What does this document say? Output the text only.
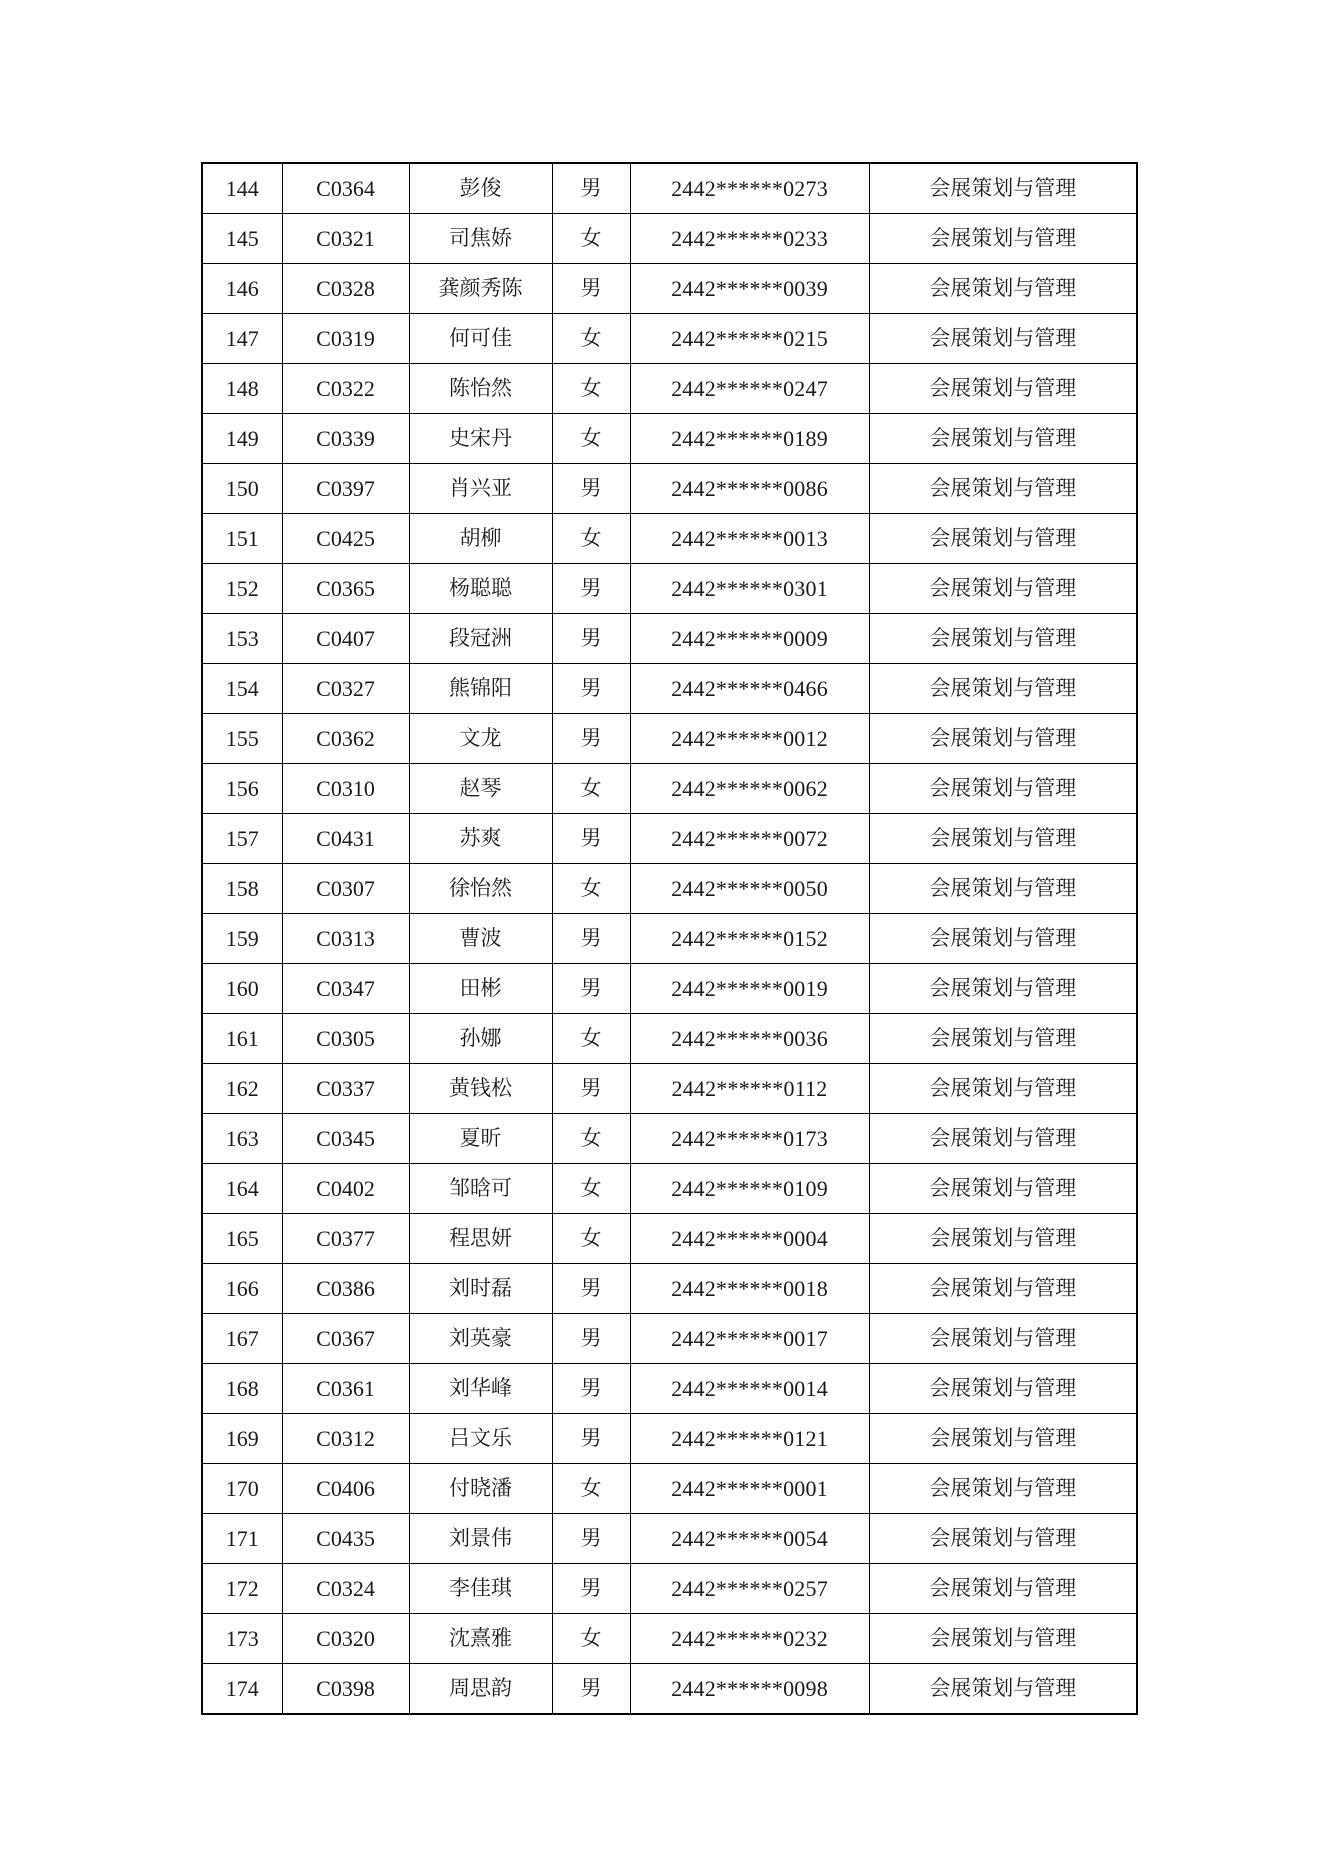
144	C0364	彭俊	男	2442******0273	会展策划与管理
145	C0321	司焦娇	女	2442******0233	会展策划与管理
146	C0328	龚颜秀陈	男	2442******0039	会展策划与管理
147	C0319	何可佳	女	2442******0215	会展策划与管理
148	C0322	陈怡然	女	2442******0247	会展策划与管理
149	C0339	史宋丹	女	2442******0189	会展策划与管理
150	C0397	肖兴亚	男	2442******0086	会展策划与管理
151	C0425	胡柳	女	2442******0013	会展策划与管理
152	C0365	杨聪聪	男	2442******0301	会展策划与管理
153	C0407	段冠洲	男	2442******0009	会展策划与管理
154	C0327	熊锦阳	男	2442******0466	会展策划与管理
155	C0362	文龙	男	2442******0012	会展策划与管理
156	C0310	赵琴	女	2442******0062	会展策划与管理
157	C0431	苏爽	男	2442******0072	会展策划与管理
158	C0307	徐怡然	女	2442******0050	会展策划与管理
159	C0313	曹波	男	2442******0152	会展策划与管理
160	C0347	田彬	男	2442******0019	会展策划与管理
161	C0305	孙娜	女	2442******0036	会展策划与管理
162	C0337	黄钱松	男	2442******0112	会展策划与管理
163	C0345	夏昕	女	2442******0173	会展策划与管理
164	C0402	邹晗可	女	2442******0109	会展策划与管理
165	C0377	程思妍	女	2442******0004	会展策划与管理
166	C0386	刘时磊	男	2442******0018	会展策划与管理
167	C0367	刘英豪	男	2442******0017	会展策划与管理
168	C0361	刘华峰	男	2442******0014	会展策划与管理
169	C0312	吕文乐	男	2442******0121	会展策划与管理
170	C0406	付晓潘	女	2442******0001	会展策划与管理
171	C0435	刘景伟	男	2442******0054	会展策划与管理
172	C0324	李佳琪	男	2442******0257	会展策划与管理
173	C0320	沈熹雅	女	2442******0232	会展策划与管理
174	C0398	周思韵	男	2442******0098	会展策划与管理
